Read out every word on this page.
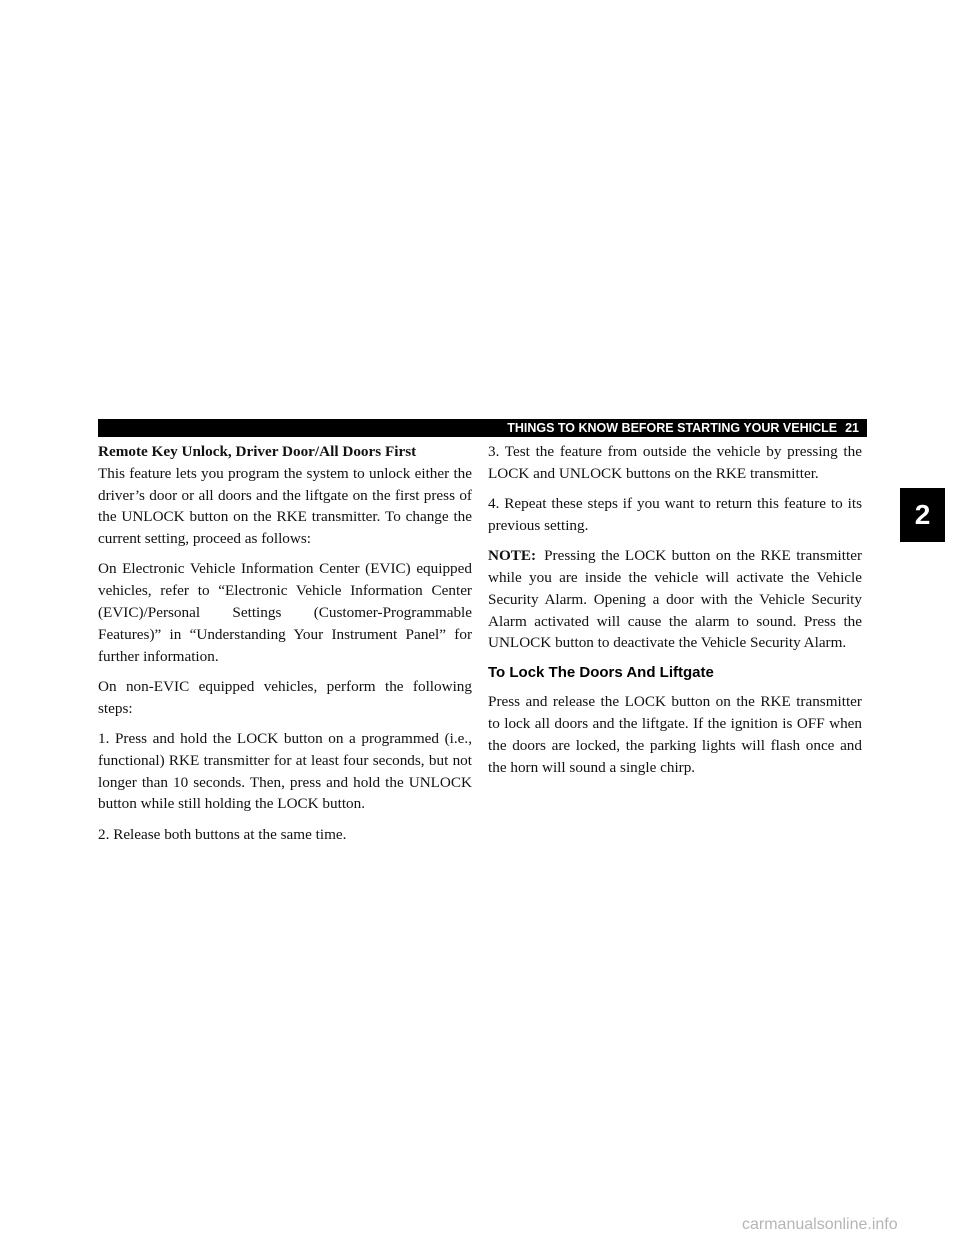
THINGS TO KNOW BEFORE STARTING YOUR VEHICLE 21
2

Remote Key Unlock, Driver Door/All Doors First

This feature lets you program the system to unlock either the driver’s door or all doors and the liftgate on the first press of the UNLOCK button on the RKE transmitter. To change the current setting, proceed as follows:

On Electronic Vehicle Information Center (EVIC) equipped vehicles, refer to “Electronic Vehicle Information Center (EVIC)/Personal Settings (Customer-Programmable Features)” in “Understanding Your Instrument Panel” for further information.

On non-EVIC equipped vehicles, perform the following steps:

1. Press and hold the LOCK button on a programmed (i.e., functional) RKE transmitter for at least four seconds, but not longer than 10 seconds. Then, press and hold the UNLOCK button while still holding the LOCK button.

2. Release both buttons at the same time.

3. Test the feature from outside the vehicle by pressing the LOCK and UNLOCK buttons on the RKE transmitter.

4. Repeat these steps if you want to return this feature to its previous setting.

NOTE: Pressing the LOCK button on the RKE transmitter while you are inside the vehicle will activate the Vehicle Security Alarm. Opening a door with the Vehicle Security Alarm activated will cause the alarm to sound. Press the UNLOCK button to deactivate the Vehicle Security Alarm.

To Lock The Doors And Liftgate

Press and release the LOCK button on the RKE transmitter to lock all doors and the liftgate. If the ignition is OFF when the doors are locked, the parking lights will flash once and the horn will sound a single chirp.

carmanualsonline.info
